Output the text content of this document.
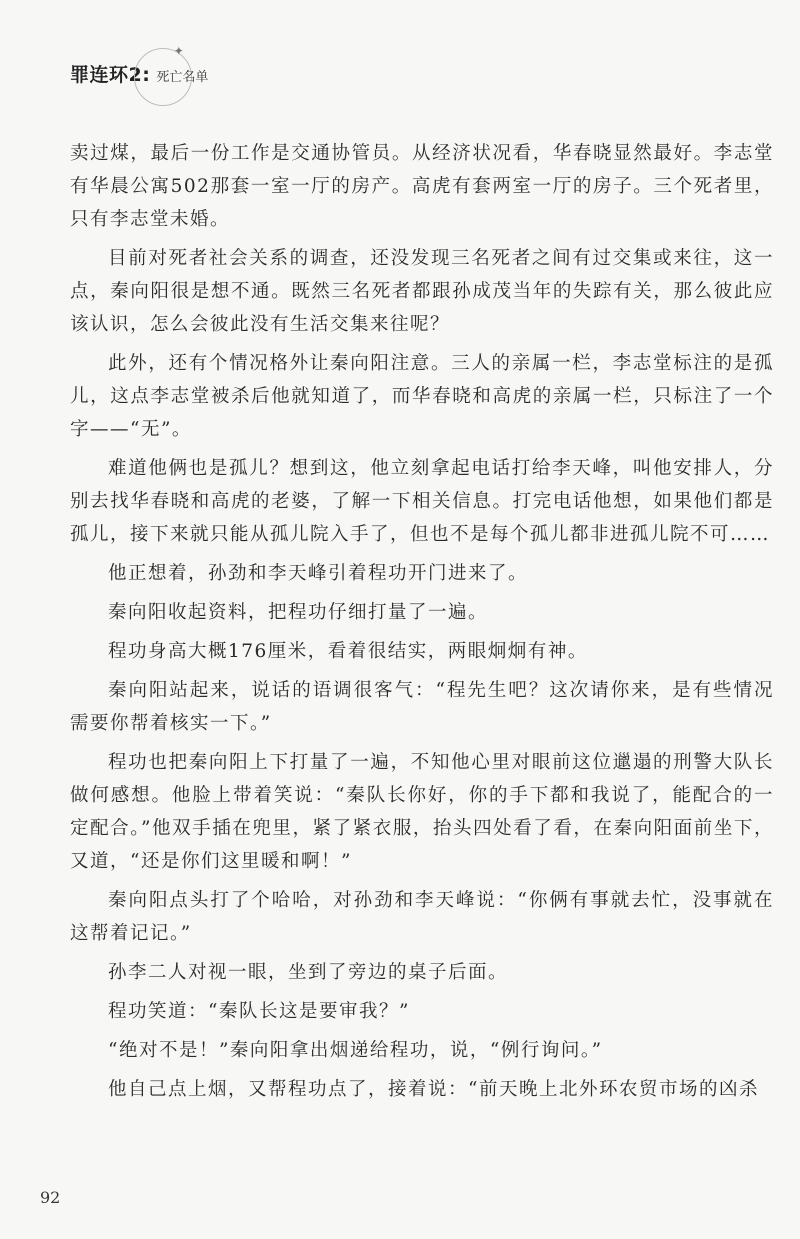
罪连环2:
✦
死亡名单

卖过煤，最后一份工作是交通协管员。从经济状况看，华春晓显然最好。李志堂有华晨公寓502那套一室一厅的房产。高虎有套两室一厅的房子。三个死者里，只有李志堂未婚。

目前对死者社会关系的调查，还没发现三名死者之间有过交集或来往，这一点，秦向阳很是想不通。既然三名死者都跟孙成茂当年的失踪有关，那么彼此应该认识，怎么会彼此没有生活交集来往呢？

此外，还有个情况格外让秦向阳注意。三人的亲属一栏，李志堂标注的是孤儿，这点李志堂被杀后他就知道了，而华春晓和高虎的亲属一栏，只标注了一个字——“无”。

难道他俩也是孤儿？想到这，他立刻拿起电话打给李天峰，叫他安排人，分别去找华春晓和高虎的老婆，了解一下相关信息。打完电话他想，如果他们都是孤儿，接下来就只能从孤儿院入手了，但也不是每个孤儿都非进孤儿院不可……

他正想着，孙劲和李天峰引着程功开门进来了。

秦向阳收起资料，把程功仔细打量了一遍。

程功身高大概176厘米，看着很结实，两眼炯炯有神。

秦向阳站起来，说话的语调很客气：“程先生吧？这次请你来，是有些情况需要你帮着核实一下。”

程功也把秦向阳上下打量了一遍，不知他心里对眼前这位邋遢的刑警大队长做何感想。他脸上带着笑说：“秦队长你好，你的手下都和我说了，能配合的一定配合。”他双手插在兜里，紧了紧衣服，抬头四处看了看，在秦向阳面前坐下，又道，“还是你们这里暖和啊！”

秦向阳点头打了个哈哈，对孙劲和李天峰说：“你俩有事就去忙，没事就在这帮着记记。”

孙李二人对视一眼，坐到了旁边的桌子后面。

程功笑道：“秦队长这是要审我？”

“绝对不是！”秦向阳拿出烟递给程功，说，“例行询问。”

他自己点上烟，又帮程功点了，接着说：“前天晚上北外环农贸市场的凶杀

92
